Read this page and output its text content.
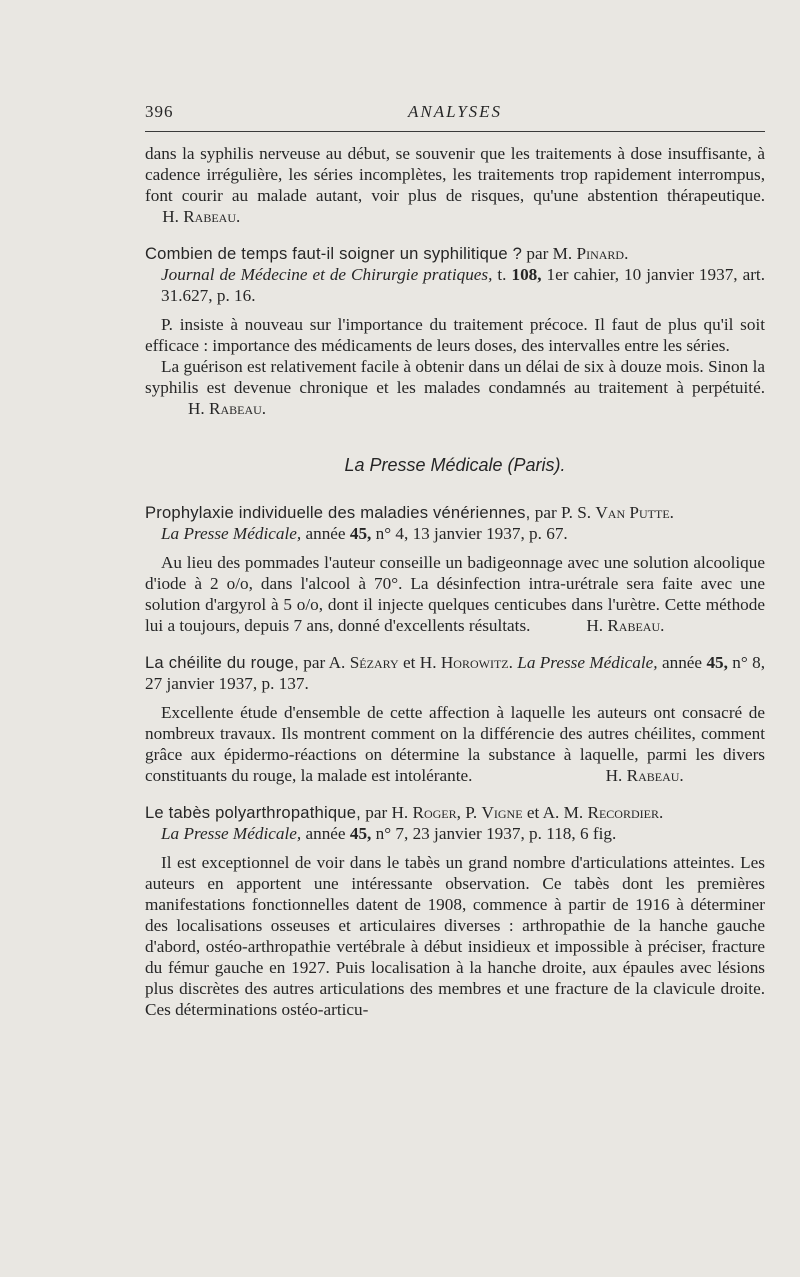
396	ANALYSES

dans la syphilis nerveuse au début, se souvenir que les traitements à dose insuffisante, à cadence irrégulière, les séries incomplètes, les traitements trop rapidement interrompus, font courir au malade autant, voir plus de risques, qu'une abstention thérapeutique.     H. Rabeau.

Combien de temps faut-il soigner un syphilitique ? par M. Pinard.
Journal de Médecine et de Chirurgie pratiques, t. 108, 1er cahier, 10 janvier 1937, art. 31.627, p. 16.

P. insiste à nouveau sur l'importance du traitement précoce. Il faut de plus qu'il soit efficace : importance des médicaments de leurs doses, des intervalles entre les séries.

La guérison est relativement facile à obtenir dans un délai de six à douze mois. Sinon la syphilis est devenue chronique et les malades condamnés au traitement à perpétuité.           H. Rabeau.

La Presse Médicale (Paris).

Prophylaxie individuelle des maladies vénériennes, par P. S. Van Putte.
La Presse Médicale, année 45, n° 4, 13 janvier 1937, p. 67.

Au lieu des pommades l'auteur conseille un badigeonnage avec une solution alcoolique d'iode à 2 o/o, dans l'alcool à 70°. La désinfection intra-urétrale sera faite avec une solution d'argyrol à 5 o/o, dont il injecte quelques centicubes dans l'urètre. Cette méthode lui a toujours, depuis 7 ans, donné d'excellents résultats.	H. Rabeau.

La chéilite du rouge, par A. Sézary et H. Horowitz. La Presse Médicale, année 45, n° 8, 27 janvier 1937, p. 137.

Excellente étude d'ensemble de cette affection à laquelle les auteurs ont consacré de nombreux travaux. Ils montrent comment on la différencie des autres chéilites, comment grâce aux épidermo-réactions on détermine la substance à laquelle, parmi les divers constituants du rouge, la malade est intolérante.	H. Rabeau.

Le tabès polyarthropathique, par H. Roger, P. Vigne et A. M. Recordier.
La Presse Médicale, année 45, n° 7, 23 janvier 1937, p. 118, 6 fig.

Il est exceptionnel de voir dans le tabès un grand nombre d'articulations atteintes. Les auteurs en apportent une intéressante observation. Ce tabès dont les premières manifestations fonctionnelles datent de 1908, commence à partir de 1916 à déterminer des localisations osseuses et articulaires diverses : arthropathie de la hanche gauche d'abord, ostéo-arthropathie vertébrale à début insidieux et impossible à préciser, fracture du fémur gauche en 1927. Puis localisation à la hanche droite, aux épaules avec lésions plus discrètes des autres articulations des membres et une fracture de la clavicule droite. Ces déterminations ostéo-articu-
